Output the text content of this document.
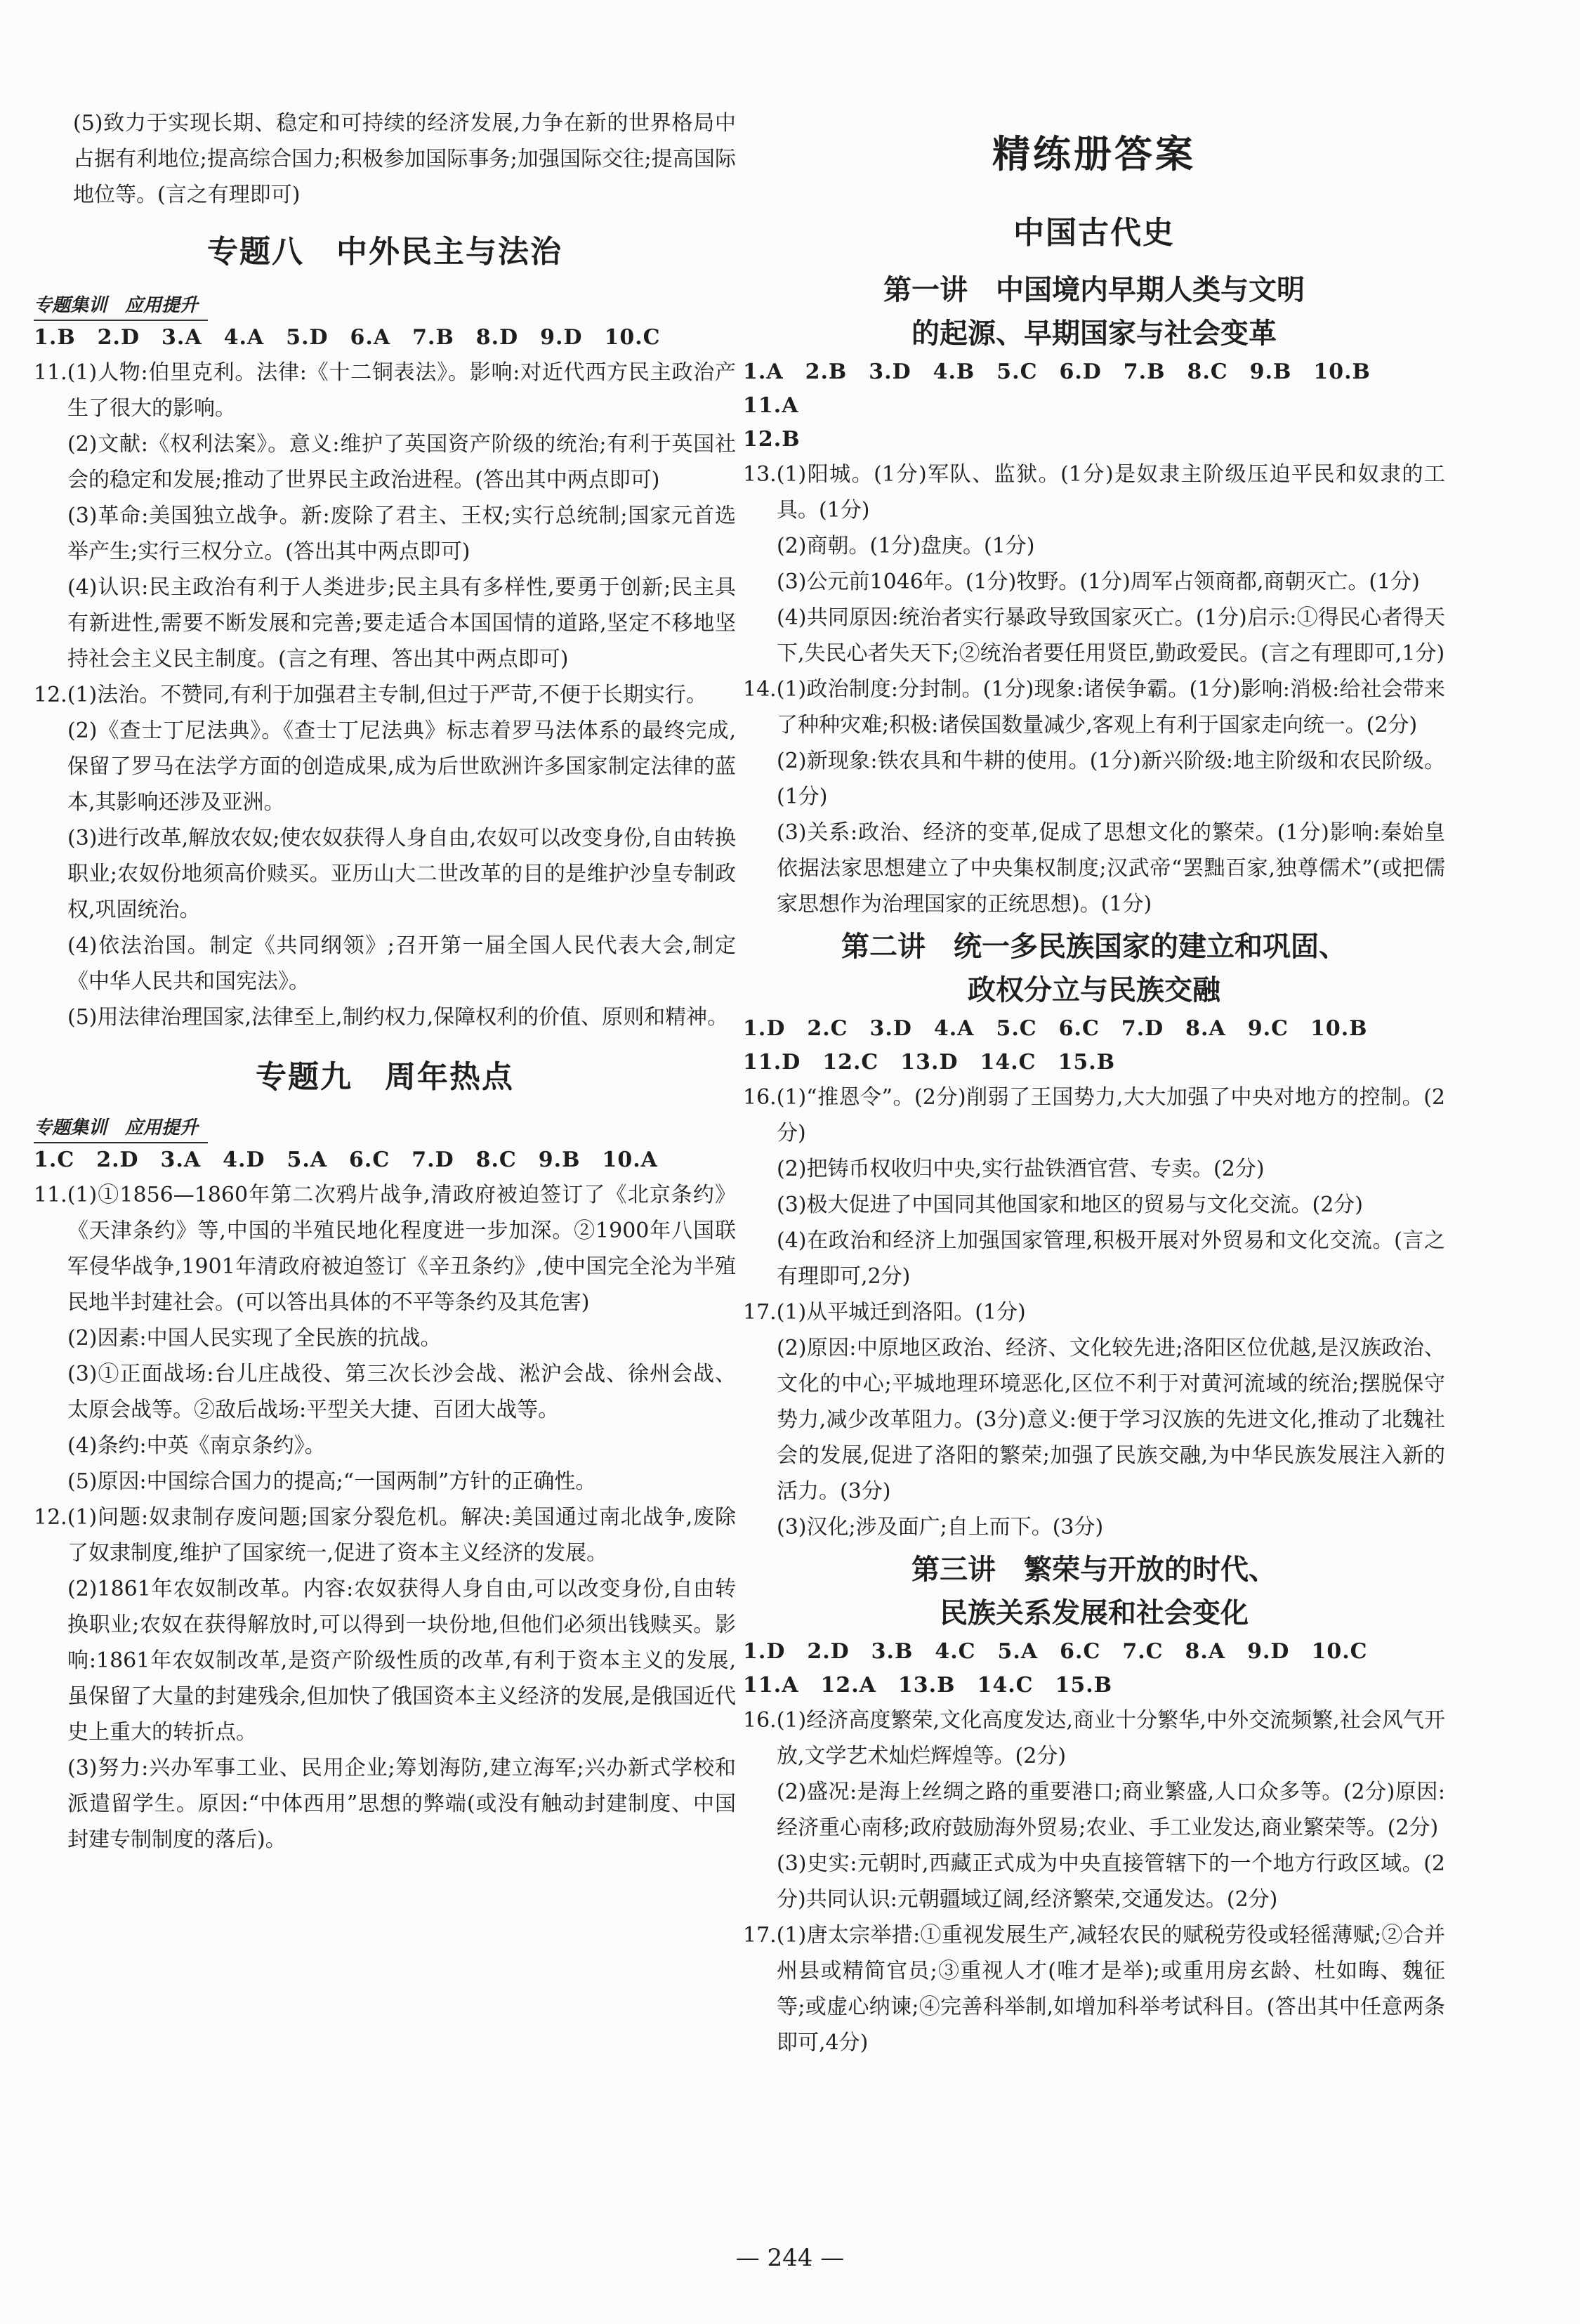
(5)致力于实现长期、稳定和可持续的经济发展,力争在新的世界格局中占据有利地位;提高综合国力;积极参加国际事务;加强国际交往;提高国际地位等。(言之有理即可)

专题八　中外民主与法治

专题集训　应用提升

1.B　2.D　3.A　4.A　5.D　6.A　7.B　8.D　9.D　10.C

11.(1)人物:伯里克利。法律:《十二铜表法》。影响:对近代西方民主政治产生了很大的影响。

(2)文献:《权利法案》。意义:维护了英国资产阶级的统治;有利于英国社会的稳定和发展;推动了世界民主政治进程。(答出其中两点即可)

(3)革命:美国独立战争。新:废除了君主、王权;实行总统制;国家元首选举产生;实行三权分立。(答出其中两点即可)

(4)认识:民主政治有利于人类进步;民主具有多样性,要勇于创新;民主具有新进性,需要不断发展和完善;要走适合本国国情的道路,坚定不移地坚持社会主义民主制度。(言之有理、答出其中两点即可)

12.(1)法治。不赞同,有利于加强君主专制,但过于严苛,不便于长期实行。

(2)《查士丁尼法典》。《查士丁尼法典》标志着罗马法体系的最终完成,保留了罗马在法学方面的创造成果,成为后世欧洲许多国家制定法律的蓝本,其影响还涉及亚洲。

(3)进行改革,解放农奴;使农奴获得人身自由,农奴可以改变身份,自由转换职业;农奴份地须高价赎买。亚历山大二世改革的目的是维护沙皇专制政权,巩固统治。

(4)依法治国。制定《共同纲领》;召开第一届全国人民代表大会,制定《中华人民共和国宪法》。

(5)用法律治理国家,法律至上,制约权力,保障权利的价值、原则和精神。

专题九　周年热点

专题集训　应用提升

1.C　2.D　3.A　4.D　5.A　6.C　7.D　8.C　9.B　10.A

11.(1)①1856—1860年第二次鸦片战争,清政府被迫签订了《北京条约》《天津条约》等,中国的半殖民地化程度进一步加深。②1900年八国联军侵华战争,1901年清政府被迫签订《辛丑条约》,使中国完全沦为半殖民地半封建社会。(可以答出具体的不平等条约及其危害)

(2)因素:中国人民实现了全民族的抗战。

(3)①正面战场:台儿庄战役、第三次长沙会战、淞沪会战、徐州会战、太原会战等。②敌后战场:平型关大捷、百团大战等。

(4)条约:中英《南京条约》。

(5)原因:中国综合国力的提高;“一国两制”方针的正确性。

12.(1)问题:奴隶制存废问题;国家分裂危机。解决:美国通过南北战争,废除了奴隶制度,维护了国家统一,促进了资本主义经济的发展。

(2)1861年农奴制改革。内容:农奴获得人身自由,可以改变身份,自由转换职业;农奴在获得解放时,可以得到一块份地,但他们必须出钱赎买。影响:1861年农奴制改革,是资产阶级性质的改革,有利于资本主义的发展,虽保留了大量的封建残余,但加快了俄国资本主义经济的发展,是俄国近代史上重大的转折点。

(3)努力:兴办军事工业、民用企业;筹划海防,建立海军;兴办新式学校和派遣留学生。原因:“中体西用”思想的弊端(或没有触动封建制度、中国封建专制制度的落后)。

精练册答案

中国古代史

第一讲　中国境内早期人类与文明

的起源、早期国家与社会变革

1.A　2.B　3.D　4.B　5.C　6.D　7.B　8.C　9.B　10.B　11.A

12.B

13.(1)阳城。(1分)军队、监狱。(1分)是奴隶主阶级压迫平民和奴隶的工具。(1分)

(2)商朝。(1分)盘庚。(1分)

(3)公元前1046年。(1分)牧野。(1分)周军占领商都,商朝灭亡。(1分)

(4)共同原因:统治者实行暴政导致国家灭亡。(1分)启示:①得民心者得天下,失民心者失天下;②统治者要任用贤臣,勤政爱民。(言之有理即可,1分)

14.(1)政治制度:分封制。(1分)现象:诸侯争霸。(1分)影响:消极:给社会带来了种种灾难;积极:诸侯国数量减少,客观上有利于国家走向统一。(2分)

(2)新现象:铁农具和牛耕的使用。(1分)新兴阶级:地主阶级和农民阶级。(1分)

(3)关系:政治、经济的变革,促成了思想文化的繁荣。(1分)影响:秦始皇依据法家思想建立了中央集权制度;汉武帝“罢黜百家,独尊儒术”(或把儒家思想作为治理国家的正统思想)。(1分)

第二讲　统一多民族国家的建立和巩固、

政权分立与民族交融

1.D　2.C　3.D　4.A　5.C　6.C　7.D　8.A　9.C　10.B

11.D　12.C　13.D　14.C　15.B

16.(1)“推恩令”。(2分)削弱了王国势力,大大加强了中央对地方的控制。(2分)

(2)把铸币权收归中央,实行盐铁酒官营、专卖。(2分)

(3)极大促进了中国同其他国家和地区的贸易与文化交流。(2分)

(4)在政治和经济上加强国家管理,积极开展对外贸易和文化交流。(言之有理即可,2分)

17.(1)从平城迁到洛阳。(1分)

(2)原因:中原地区政治、经济、文化较先进;洛阳区位优越,是汉族政治、文化的中心;平城地理环境恶化,区位不利于对黄河流域的统治;摆脱保守势力,减少改革阻力。(3分)意义:便于学习汉族的先进文化,推动了北魏社会的发展,促进了洛阳的繁荣;加强了民族交融,为中华民族发展注入新的活力。(3分)

(3)汉化;涉及面广;自上而下。(3分)

第三讲　繁荣与开放的时代、

民族关系发展和社会变化

1.D　2.D　3.B　4.C　5.A　6.C　7.C　8.A　9.D　10.C

11.A　12.A　13.B　14.C　15.B

16.(1)经济高度繁荣,文化高度发达,商业十分繁华,中外交流频繁,社会风气开放,文学艺术灿烂辉煌等。(2分)

(2)盛况:是海上丝绸之路的重要港口;商业繁盛,人口众多等。(2分)原因:经济重心南移;政府鼓励海外贸易;农业、手工业发达,商业繁荣等。(2分)

(3)史实:元朝时,西藏正式成为中央直接管辖下的一个地方行政区域。(2分)共同认识:元朝疆域辽阔,经济繁荣,交通发达。(2分)

17.(1)唐太宗举措:①重视发展生产,减轻农民的赋税劳役或轻徭薄赋;②合并州县或精简官员;③重视人才(唯才是举);或重用房玄龄、杜如晦、魏征等;或虚心纳谏;④完善科举制,如增加科举考试科目。(答出其中任意两条即可,4分)

— 244 —
